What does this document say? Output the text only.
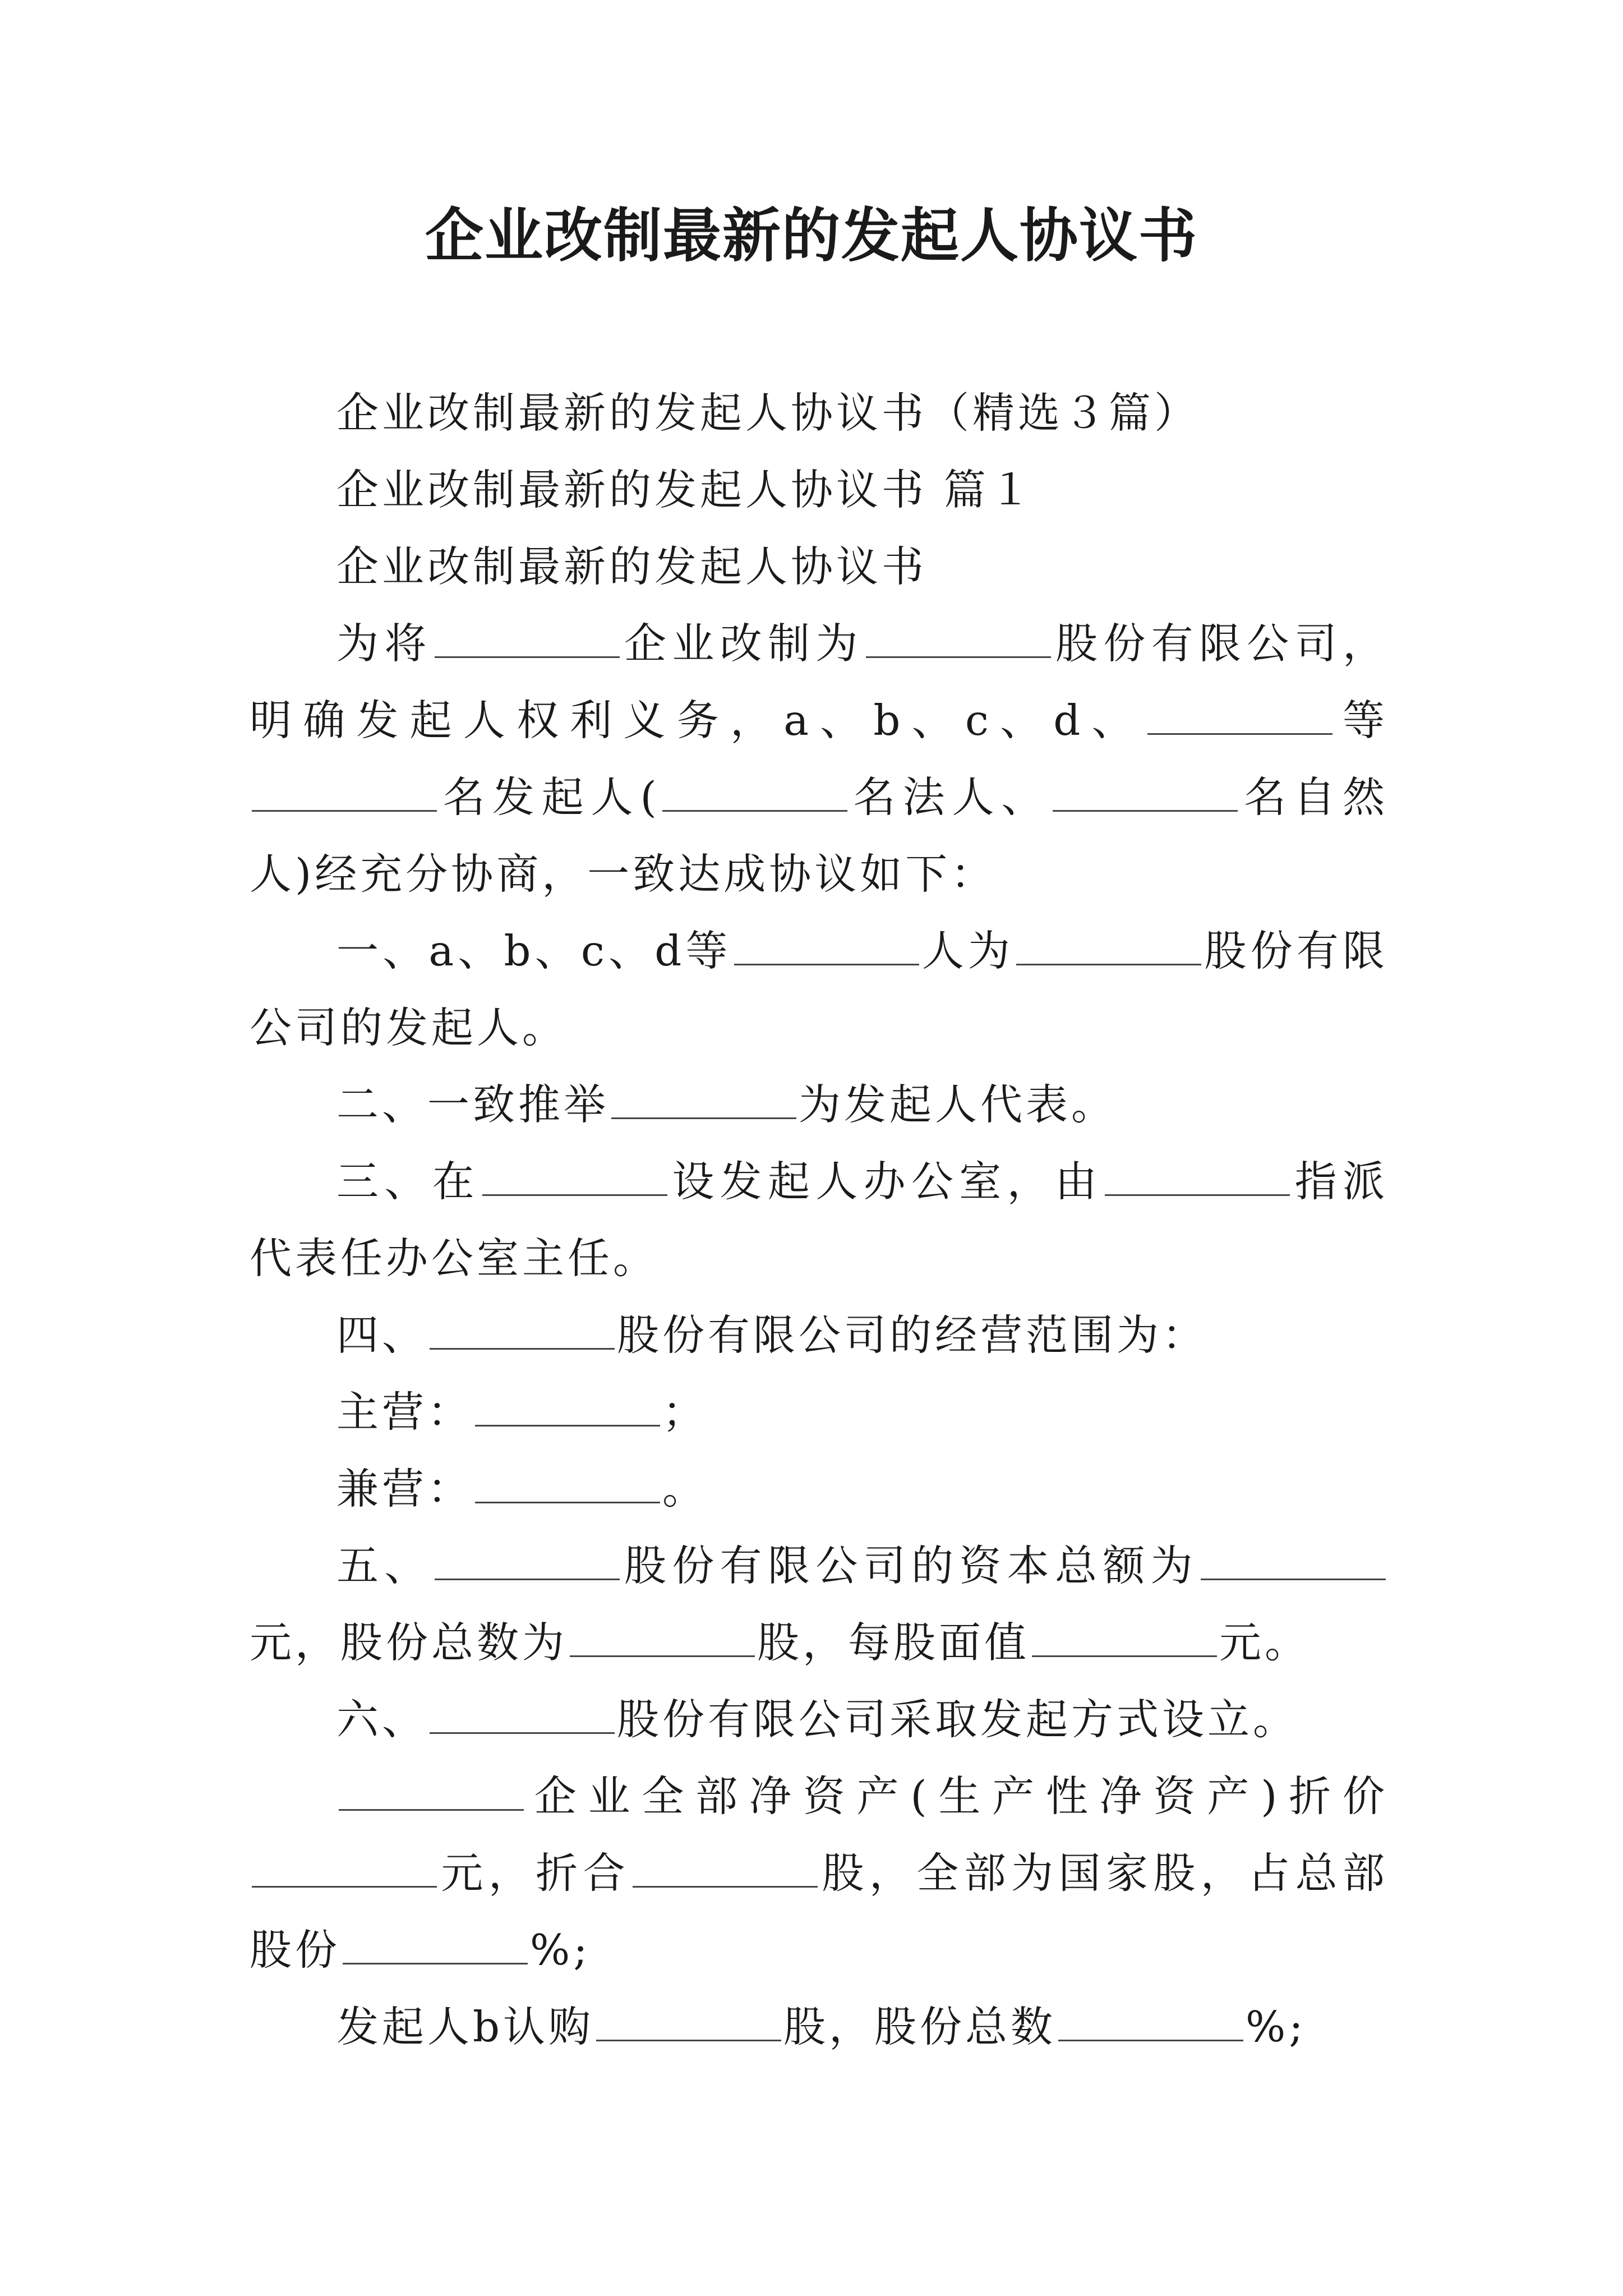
企业改制最新的发起人协议书

企业改制最新的发起人协议书（精选３篇）

企业改制最新的发起人协议书 篇１

企业改制最新的发起人协议书

为将	企业改制为	股份有限公司，明确发起人权利义务，a、b、c、d、	等名发起人(	名法人、	名自然人)经充分协商，一致达成协议如下：

一、a、b、c、d等	人为	股份有限公司的发起人。

二、一致推举	为发起人代表。

三、在	设发起人办公室，由	指派代表任办公室主任。

四、	股份有限公司的经营范围为：

主营：	；

兼营：	。

五、	股份有限公司的资本总额为元，股份总数为	股，每股面值	元。

六、	股份有限公司采取发起方式设立。

企业全部净资产(生产性净资产)折价元，折合	股，全部为国家股，占总部股份	%;

发起人b认购	股，股份总数	%;
